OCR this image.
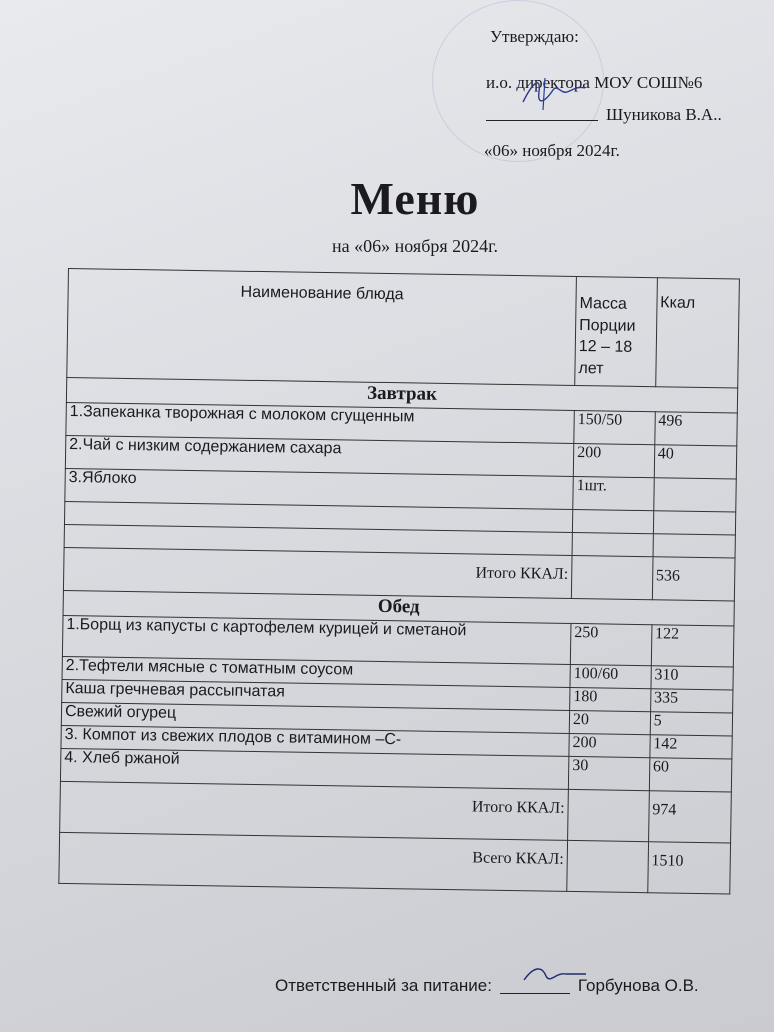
Утверждаю:
и.о. директора МОУ СОШ№6
Шуникова В.А..
«06» ноября 2024г.
Меню
на «06» ноября 2024г.
Наименование блюда	Масса
Порции
12 – 18
лет	Ккал
Завтрак		
1.Запеканка творожная с молоком сгущенным	150/50	496
2.Чай с низким содержанием сахара	200	40
3.Яблоко	1шт.	

Итого ККАЛ:		536
Обед		
1.Борщ из капусты с картофелем курицей и сметаной	250	122
2.Тефтели мясные с томатным соусом	100/60	310
Каша гречневая рассыпчатая	180	335
Свежий огурец	20	5
3. Компот из свежих плодов с витамином –С-	200	142
4. Хлеб ржаной	30	60
Итого ККАЛ:		974
Всего ККАЛ:		1510
Ответственный за питание:	Горбунова О.В.
